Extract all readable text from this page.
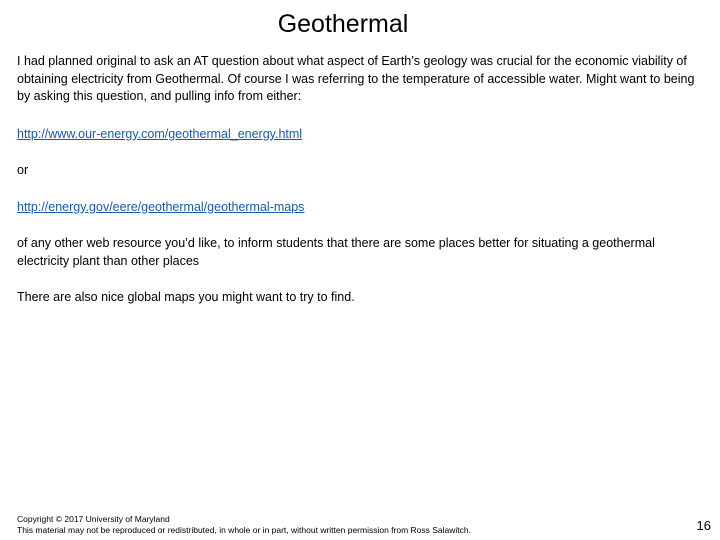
Geothermal

I had planned original to ask an AT question about what aspect of Earth’s geology was crucial for the economic viability of obtaining electricity from Geothermal. Of course I was referring to the temperature of accessible water. Might want to being by asking this question, and pulling info from either:

http://www.our-energy.com/geothermal_energy.html

or

http://energy.gov/eere/geothermal/geothermal-maps

of any other web resource you’d like, to inform students that there are some places better for situating a geothermal electricity plant than other places

There are also nice global maps you might want to try to find.

Copyright © 2017 University of Maryland
This material may not be reproduced or redistributed, in whole or in part, without written permission from Ross Salawitch.	16
